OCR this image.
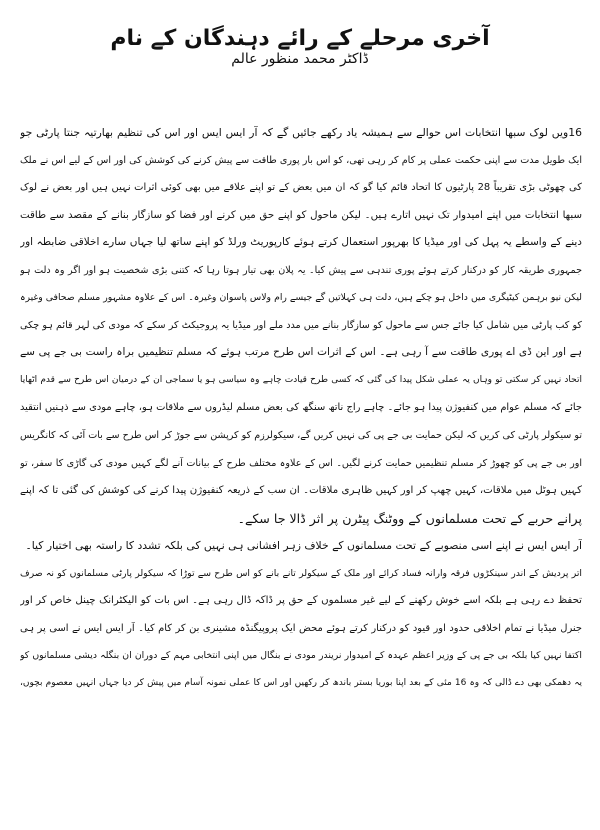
آخری مرحلے کے رائے دہندگان کے نام
ڈاکٹر محمد منظور عالم
16ویں لوک سبھا انتخابات اس حوالے سے ہمیشہ یاد رکھے جائیں گے کہ آر ایس ایس اور اس کی تنظیم بھارتیہ جنتا پارٹی جو
ایک طویل مدت سے اپنی حکمت عملی پر کام کر رہی تھی، کو اس بار پوری طاقت سے پیش کرنے کی کوشش کی اور اس کے لیے اس نے ملک
کی چھوٹی بڑی تقریباً 28 پارٹیوں کا اتحاد قائم کیا گو کہ ان میں بعض کے تو اپنے علاقے میں بھی کوئی اثرات نہیں ہیں اور بعض نے لوک
سبھا انتخابات میں اپنے امیدوار تک نہیں اتارے ہیں۔ لیکن ماحول کو اپنے حق میں کرنے اور فضا کو سازگار بنانے کے مقصد سے طاقت
دینے کے واسطے یہ پہل کی اور میڈیا کا بھرپور استعمال کرتے ہوئے کارپوریٹ ورلڈ کو اپنے ساتھ لیا جہاں سارے اخلاقی ضابطہ اور
جمہوری طریقہ کار کو درکنار کرتے ہوئے پوری تندہی سے پیش کیا۔ یہ پلان بھی تیار ہوتا رہا کہ کتنی بڑی شخصیت ہو اور اگر وہ دلت ہو
لیکن نیو برہمن کیٹیگری میں داخل ہو چکے ہیں، دلت ہی کہلاتیں گے جیسے رام ولاس پاسوان وغیرہ۔ اس کے علاوہ مشہور مسلم صحافی وغیرہ
کو کب پارٹی میں شامل کیا جائے جس سے ماحول کو سازگار بنانے میں مدد ملے اور میڈیا یہ پروجیکٹ کر سکے کہ مودی کی لہر قائم ہو چکی
ہے اور این ڈی اے پوری طاقت سے آ رہی ہے۔ اس کے اثرات اس طرح مرتب ہوئے کہ مسلم تنظیمیں براہ راست بی جے پی سے
اتحاد نہیں کر سکتی تو وہاں یہ عملی شکل پیدا کی گئی کہ کسی طرح قیادت چاہے وہ سیاسی ہو یا سماجی ان کے درمیان اس طرح سے قدم اٹھایا
جائے کہ مسلم عوام میں کنفیوژن پیدا ہو جائے۔ چاہے راج ناتھ سنگھ کی بعض مسلم لیڈروں سے ملاقات ہو، چاہے مودی سے ذہنیں انتقید
تو سیکولر پارٹی کی کریں کہ لیکن حمایت بی جے پی کی نہیں کریں گے، سیکولرزم کو کرپشن سے جوڑ کر اس طرح سے بات آئی کہ کانگریس
اور بی جے پی کو چھوڑ کر مسلم تنظیمیں حمایت کرنے لگیں۔ اس کے علاوہ مختلف طرح کے بیانات آنے لگے کہیں مودی کی گاڑی کا سفر، تو
کہیں ہوٹل میں ملاقات، کہیں چھپ کر اور کہیں ظاہری ملاقات۔ ان سب کے ذریعہ کنفیوژن پیدا کرنے کی کوشش کی گئی تا کہ اپنے
پرانے حربے کے تحت مسلمانوں کے ووٹنگ پیٹرن پر اثر ڈالا جا سکے۔
آر ایس ایس نے اپنے اسی منصوبے کے تحت مسلمانوں کے خلاف زہر افشانی ہی نہیں کی بلکہ تشدد کا راستہ بھی اختیار کیا۔
اتر پردیش کے اندر سینکڑوں فرقہ وارانہ فساد کرائے اور ملک کے سیکولر تانے بانے کو اس طرح سے توڑا کہ سیکولر پارٹی مسلمانوں کو نہ صرف
تحفظ دے رہی ہے بلکہ اسے خوش رکھنے کے لیے غیر مسلموں کے حق پر ڈاکہ ڈال رہی ہے۔ اس بات کو الیکٹرانک چینل خاص کر اور
جنرل میڈیا نے تمام اخلاقی حدود اور قیود کو درکنار کرتے ہوئے محض ایک پروپیگنڈہ مشینری بن کر کام کیا۔ آر ایس ایس نے اسی پر ہی
اکتفا نہیں کیا بلکہ بی جے پی کے وزیر اعظم عہدہ کے امیدوار نریندر مودی نے بنگال میں اپنی انتخابی مہم کے دوران ان بنگلہ دیشی مسلمانوں کو
یہ دھمکی بھی دے ڈالی کہ وہ 16 مئی کے بعد اپنا بوریا بستر باندھ کر رکھیں اور اس کا عملی نمونہ آسام میں پیش کر دیا جہاں انہیں معصوم بچوں،
